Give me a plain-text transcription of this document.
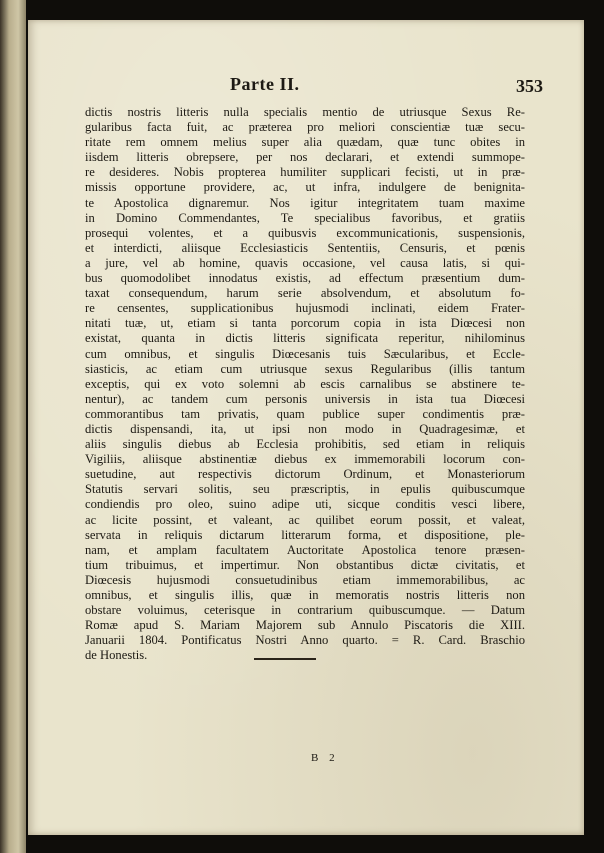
Parte II.	353
dictis nostris litteris nulla specialis mentio de utriusque Sexus Re-
gularibus facta fuit, ac præterea pro meliori conscientiæ tuæ secu-
ritate rem omnem melius super alia quædam, quæ tunc obites in
iisdem litteris obrepsere, per nos declarari, et extendi summope-
re desideres. Nobis propterea humiliter supplicari fecisti, ut in præ-
missis opportune providere, ac, ut infra, indulgere de benignita-
te Apostolica dignaremur. Nos igitur integritatem tuam maxime
in Domino Commendantes, Te specialibus favoribus, et gratiis
prosequi volentes, et a quibusvis excommunicationis, suspensionis,
et interdicti, aliisque Ecclesiasticis Sententiis, Censuris, et pœnis
a jure, vel ab homine, quavis occasione, vel causa latis, si qui-
bus quomodolibet innodatus existis, ad effectum præsentium dum-
taxat consequendum, harum serie absolvendum, et absolutum fo-
re censentes, supplicationibus hujusmodi inclinati, eidem Frater-
nitati tuæ, ut, etiam si tanta porcorum copia in ista Diœcesi non
existat, quanta in dictis litteris significata reperitur, nihilominus
cum omnibus, et singulis Diœcesanis tuis Sæcularibus, et Eccle-
siasticis, ac etiam cum utriusque sexus Regularibus (illis tantum
exceptis, qui ex voto solemni ab escis carnalibus se abstinere te-
nentur), ac tandem cum personis universis in ista tua Diœcesi
commorantibus tam privatis, quam publice super condimentis præ-
dictis dispensandi, ita, ut ipsi non modo in Quadragesimæ, et
aliis singulis diebus ab Ecclesia prohibitis, sed etiam in reliquis
Vigiliis, aliisque abstinentiæ diebus ex immemorabili locorum con-
suetudine, aut respectivis dictorum Ordinum, et Monasteriorum
Statutis servari solitis, seu præscriptis, in epulis quibuscumque
condiendis pro oleo, suino adipe uti, sicque conditis vesci libere,
ac licite possint, et valeant, ac quilibet eorum possit, et valeat,
servata in reliquis dictarum litterarum forma, et dispositione, ple-
nam, et amplam facultatem Auctoritate Apostolica tenore præsen-
tium tribuimus, et impertimur. Non obstantibus dictæ civitatis, et
Diœcesis hujusmodi consuetudinibus etiam immemorabilibus, ac
omnibus, et singulis illis, quæ in memoratis nostris litteris non
obstare voluimus, ceterisque in contrarium quibuscumque. — Datum
Romæ apud S. Mariam Majorem sub Annulo Piscatoris die XIII.
Januarii 1804. Pontificatus Nostri Anno quarto. = R. Card. Braschio
de Honestis.
B 2
